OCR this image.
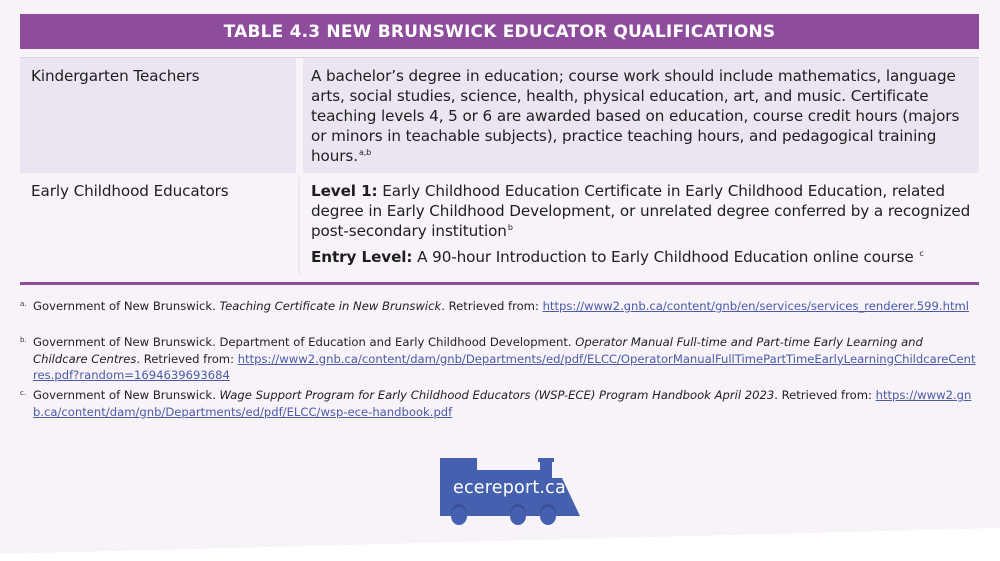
TABLE 4.3 NEW BRUNSWICK EDUCATOR QUALIFICATIONS
Kindergarten Teachers	A bachelor’s degree in education; course work should include mathematics, language arts, social studies, science, health, physical education, art, and music. Certificate teaching levels 4, 5 or 6 are awarded based on education, course credit hours (majors or minors in teachable subjects), practice teaching hours, and pedagogical training hours.$^{a,b}$
Early Childhood Educators	Level 1: Early Childhood Education Certificate in Early Childhood Education, related degree in Early Childhood Development, or unrelated degree conferred by a recognized post-secondary institution$^b$
Entry Level: A 90-hour Introduction to Early Childhood Education online course $^c$
a. Government of New Brunswick. Teaching Certificate in New Brunswick. Retrieved from: https://www2.gnb.ca/content/gnb/en/services/services_renderer.599.html
b. Government of New Brunswick. Department of Education and Early Childhood Development. Operator Manual Full-time and Part-time Early Learning and Childcare Centres. Retrieved from: https://www2.gnb.ca/content/dam/gnb/Departments/ed/pdf/ELCC/OperatorManualFullTimePartTimeEarlyLearningChildcareCentres.pdf?random=1694639693684
c. Government of New Brunswick. Wage Support Program for Early Childhood Educators (WSP-ECE) Program Handbook April 2023. Retrieved from: https://www2.gnb.ca/content/dam/gnb/Departments/ed/pdf/ELCC/wsp-ece-handbook.pdf
ecereport.ca
